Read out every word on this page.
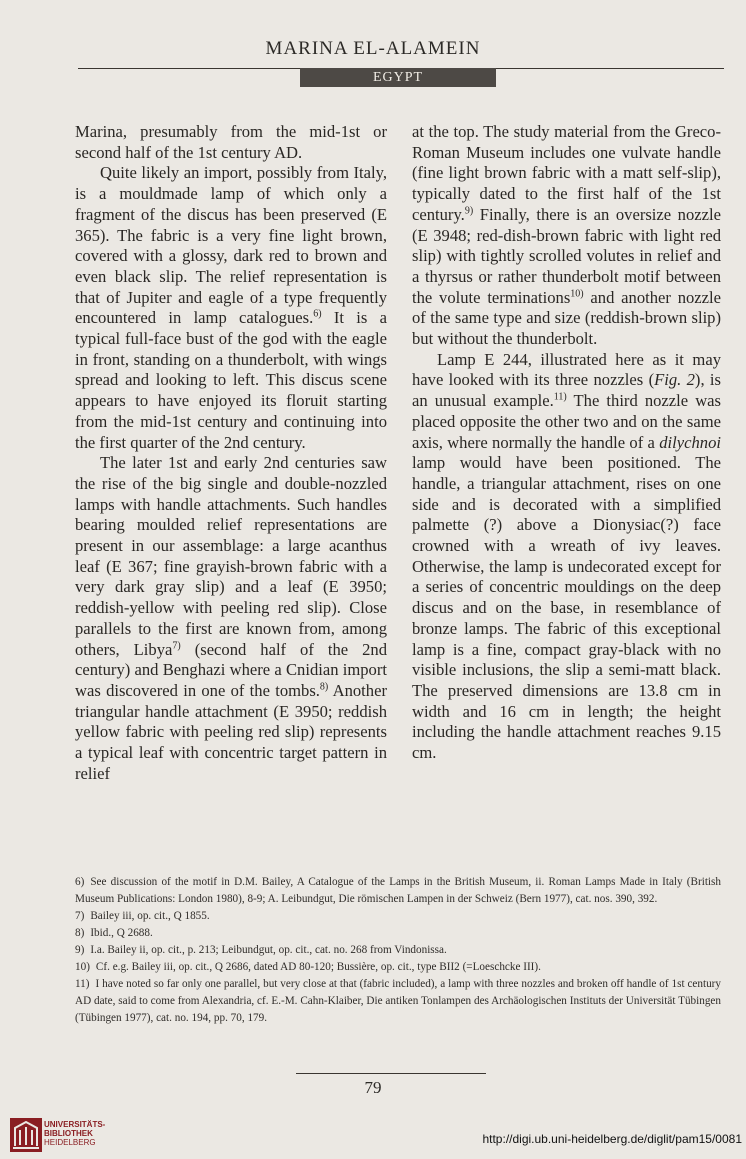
MARINA EL-ALAMEIN
EGYPT

Marina, presumably from the mid-1st or second half of the 1st century AD.

Quite likely an import, possibly from Italy, is a mouldmade lamp of which only a fragment of the discus has been preserved (E 365). The fabric is a very fine light brown, covered with a glossy, dark red to brown and even black slip. The relief representation is that of Jupiter and eagle of a type frequently encountered in lamp catalogues.$^{6)}$ It is a typical full-face bust of the god with the eagle in front, standing on a thunderbolt, with wings spread and looking to left. This discus scene appears to have enjoyed its floruit starting from the mid-1st century and continuing into the first quarter of the 2nd century.

The later 1st and early 2nd centuries saw the rise of the big single and double-nozzled lamps with handle attachments. Such handles bearing moulded relief representations are present in our assemblage: a large acanthus leaf (E 367; fine grayish-brown fabric with a very dark gray slip) and a leaf (E 3950; reddish-yellow with peeling red slip). Close parallels to the first are known from, among others, Libya$^{7)}$ (second half of the 2nd century) and Benghazi where a Cnidian import was discovered in one of the tombs.$^{8)}$ Another triangular handle attachment (E 3950; reddish yellow fabric with peeling red slip) represents a typical leaf with concentric target pattern in relief

at the top. The study material from the Greco-Roman Museum includes one vulvate handle (fine light brown fabric with a matt self-slip), typically dated to the first half of the 1st century.$^{9)}$ Finally, there is an oversize nozzle (E 3948; red-dish-brown fabric with light red slip) with tightly scrolled volutes in relief and a thyrsus or rather thunderbolt motif between the volute terminations$^{10)}$ and another nozzle of the same type and size (reddish-brown slip) but without the thunderbolt.

Lamp E 244, illustrated here as it may have looked with its three nozzles (Fig. 2), is an unusual example.$^{11)}$ The third nozzle was placed opposite the other two and on the same axis, where normally the handle of a dilychnoi lamp would have been positioned. The handle, a triangular attachment, rises on one side and is decorated with a simplified palmette (?) above a Dionysiac(?) face crowned with a wreath of ivy leaves. Otherwise, the lamp is undecorated except for a series of concentric mouldings on the deep discus and on the base, in resemblance of bronze lamps. The fabric of this exceptional lamp is a fine, compact gray-black with no visible inclusions, the slip a semi-matt black. The preserved dimensions are 13.8 cm in width and 16 cm in length; the height including the handle attachment reaches 9.15 cm.

6) See discussion of the motif in D.M. Bailey, A Catalogue of the Lamps in the British Museum, ii. Roman Lamps Made in Italy (British Museum Publications: London 1980), 8-9; A. Leibundgut, Die römischen Lampen in der Schweiz (Bern 1977), cat. nos. 390, 392.

7) Bailey iii, op. cit., Q 1855.

8) Ibid., Q 2688.

9) I.a. Bailey ii, op. cit., p. 213; Leibundgut, op. cit., cat. no. 268 from Vindonissa.

10) Cf. e.g. Bailey iii, op. cit., Q 2686, dated AD 80-120; Bussière, op. cit., type BII2 (=Loeschcke III).

11) I have noted so far only one parallel, but very close at that (fabric included), a lamp with three nozzles and broken off handle of 1st century AD date, said to come from Alexandria, cf. E.-M. Cahn-Klaiber, Die antiken Tonlampen des Archäologischen Instituts der Universität Tübingen (Tübingen 1977), cat. no. 194, pp. 70, 179.

79
UNIVERSITÄTS-
BIBLIOTHEK
HEIDELBERG	http://digi.ub.uni-heidelberg.de/diglit/pam15/0081
